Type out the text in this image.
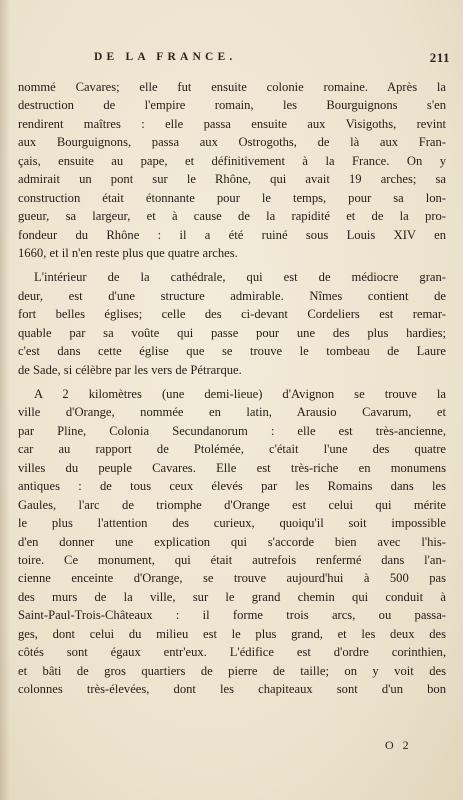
DE LA FRANCE.	211
nommé Cavares; elle fut ensuite colonie romaine. Après la
destruction de l'empire romain, les Bourguignons s'en
rendirent maîtres : elle passa ensuite aux Visigoths, revint
aux Bourguignons, passa aux Ostrogoths, de là aux Fran-
çais, ensuite au pape, et définitivement à la France. On y
admirait un pont sur le Rhône, qui avait 19 arches; sa
construction était étonnante pour le temps, pour sa lon-
gueur, sa largeur, et à cause de la rapidité et de la pro-
fondeur du Rhône : il a été ruiné sous Louis XIV en
1660, et il n'en reste plus que quatre arches.
L'intérieur de la cathédrale, qui est de médiocre gran-
deur, est d'une structure admirable. Nîmes contient de
fort belles églises; celle des ci-devant Cordeliers est remar-
quable par sa voûte qui passe pour une des plus hardies;
c'est dans cette église que se trouve le tombeau de Laure
de Sade, si célèbre par les vers de Pétrarque.
A 2 kilomètres (une demi-lieue) d'Avignon se trouve la
ville d'Orange, nommée en latin, Arausio Cavarum, et
par Pline, Colonia Secundanorum : elle est très-ancienne,
car au rapport de Ptolémée, c'était l'une des quatre
villes du peuple Cavares. Elle est très-riche en monumens
antiques : de tous ceux élevés par les Romains dans les
Gaules, l'arc de triomphe d'Orange est celui qui mérite
le plus l'attention des curieux, quoiqu'il soit impossible
d'en donner une explication qui s'accorde bien avec l'his-
toire. Ce monument, qui était autrefois renfermé dans l'an-
cienne enceinte d'Orange, se trouve aujourd'hui à 500 pas
des murs de la ville, sur le grand chemin qui conduit à
Saint-Paul-Trois-Châteaux : il forme trois arcs, ou passa-
ges, dont celui du milieu est le plus grand, et les deux des
côtés sont égaux entr'eux. L'édifice est d'ordre corinthien,
et bâti de gros quartiers de pierre de taille; on y voit des
colonnes très-élevées, dont les chapiteaux sont d'un bon
O 2
